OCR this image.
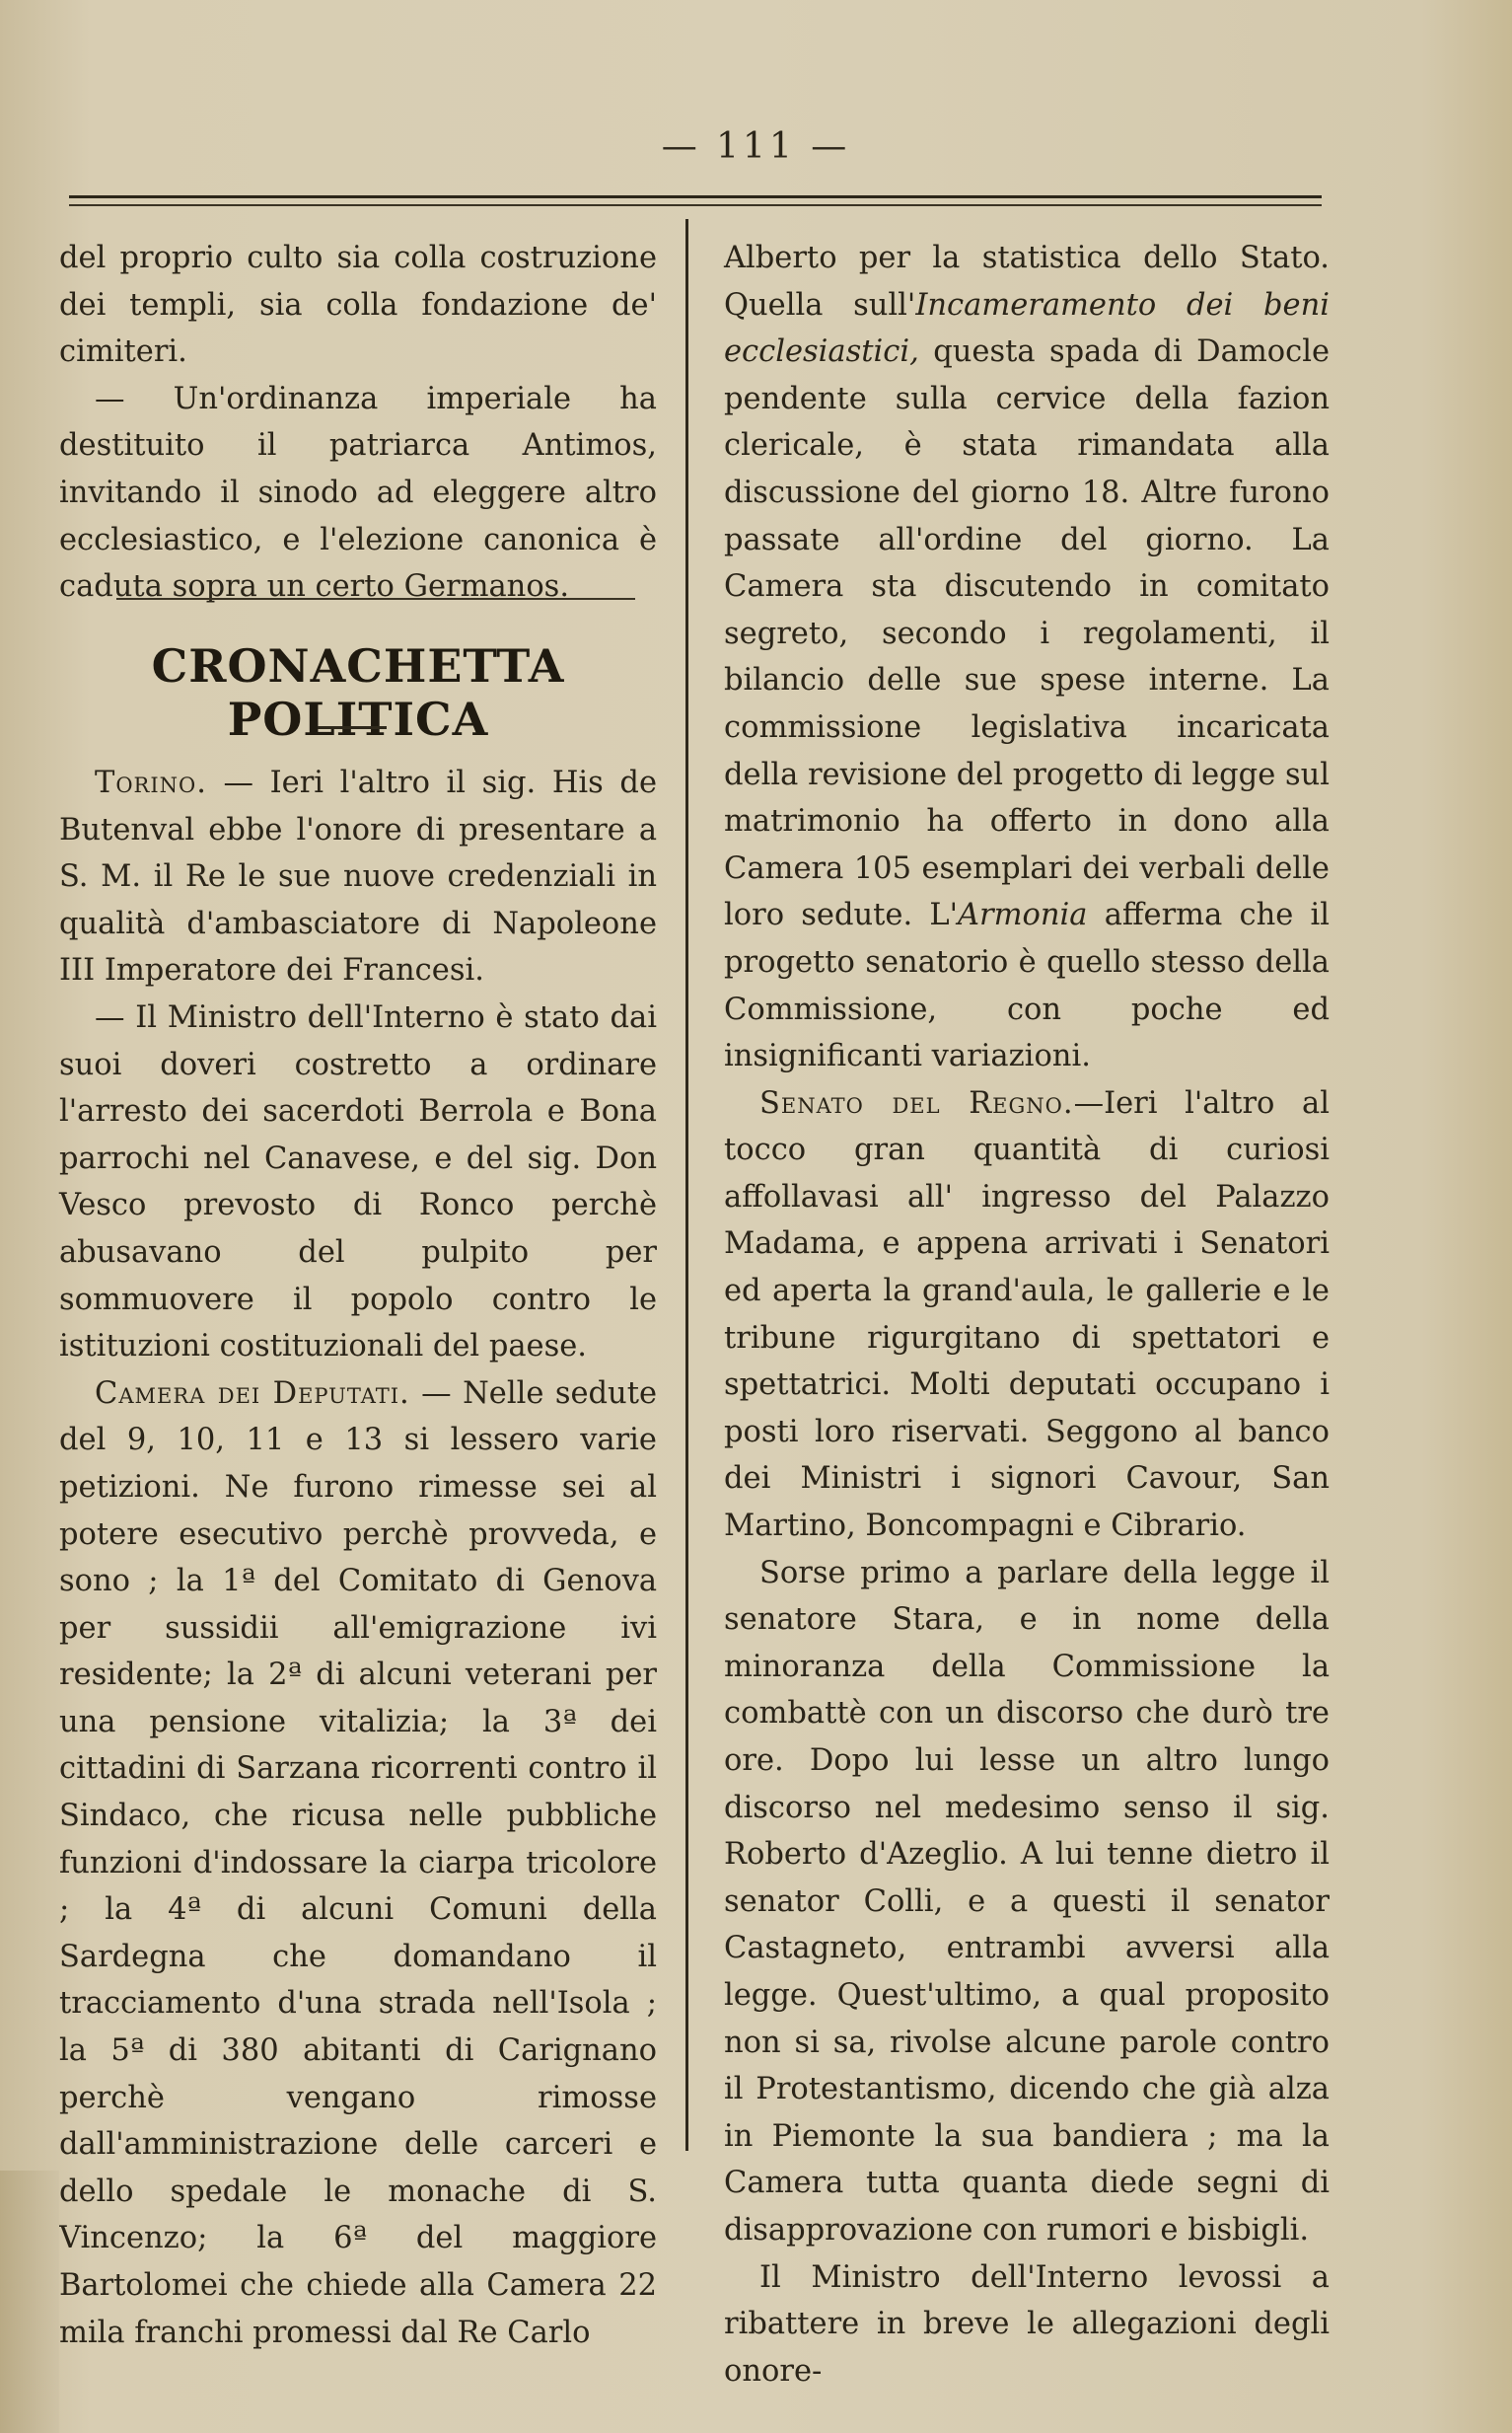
— 111 —

del proprio culto sia colla costruzione dei templi, sia colla fondazione de' cimiteri.

— Un'ordinanza imperiale ha destituito il patriarca Antimos, invitando il sinodo ad eleggere altro ecclesiastico, e l'elezione canonica è caduta sopra un certo Germanos.

CRONACHETTA POLITICA

Torino. — Ieri l'altro il sig. His de Butenval ebbe l'onore di presentare a S. M. il Re le sue nuove credenziali in qualità d'ambasciatore di Napoleone III Imperatore dei Francesi.

— Il Ministro dell'Interno è stato dai suoi doveri costretto a ordinare l'arresto dei sacerdoti Berrola e Bona parrochi nel Canavese, e del sig. Don Vesco prevosto di Ronco perchè abusavano del pulpito per sommuovere il popolo contro le istituzioni costituzionali del paese.

Camera dei Deputati. — Nelle sedute del 9, 10, 11 e 13 si lessero varie petizioni. Ne furono rimesse sei al potere esecutivo perchè provveda, e sono ; la 1ª del Comitato di Genova per sussidii all'emigrazione ivi residente; la 2ª di alcuni veterani per una pensione vitalizia; la 3ª dei cittadini di Sarzana ricorrenti contro il Sindaco, che ricusa nelle pubbliche funzioni d'indossare la ciarpa tricolore ; la 4ª di alcuni Comuni della Sardegna che domandano il tracciamento d'una strada nell'Isola ; la 5ª di 380 abitanti di Carignano perchè vengano rimosse dall'amministrazione delle carceri e dello spedale le monache di S. Vincenzo; la 6ª del maggiore Bartolomei che chiede alla Camera 22 mila franchi promessi dal Re Carlo

Alberto per la statistica dello Stato. Quella sull'Incameramento dei beni ecclesiastici, questa spada di Damocle pendente sulla cervice della fazion clericale, è stata rimandata alla discussione del giorno 18. Altre furono passate all'ordine del giorno. La Camera sta discutendo in comitato segreto, secondo i regolamenti, il bilancio delle sue spese interne. La commissione legislativa incaricata della revisione del progetto di legge sul matrimonio ha offerto in dono alla Camera 105 esemplari dei verbali delle loro sedute. L'Armonia afferma che il progetto senatorio è quello stesso della Commissione, con poche ed insignificanti variazioni.

Senato del Regno.—Ieri l'altro al tocco gran quantità di curiosi affollavasi all' ingresso del Palazzo Madama, e appena arrivati i Senatori ed aperta la grand'aula, le gallerie e le tribune rigurgitano di spettatori e spettatrici. Molti deputati occupano i posti loro riservati. Seggono al banco dei Ministri i signori Cavour, San Martino, Boncompagni e Cibrario.

Sorse primo a parlare della legge il senatore Stara, e in nome della minoranza della Commissione la combattè con un discorso che durò tre ore. Dopo lui lesse un altro lungo discorso nel medesimo senso il sig. Roberto d'Azeglio. A lui tenne dietro il senator Colli, e a questi il senator Castagneto, entrambi avversi alla legge. Quest'ultimo, a qual proposito non si sa, rivolse alcune parole contro il Protestantismo, dicendo che già alza in Piemonte la sua bandiera ; ma la Camera tutta quanta diede segni di disapprovazione con rumori e bisbigli.

Il Ministro dell'Interno levossi a ribattere in breve le allegazioni degli onore-
